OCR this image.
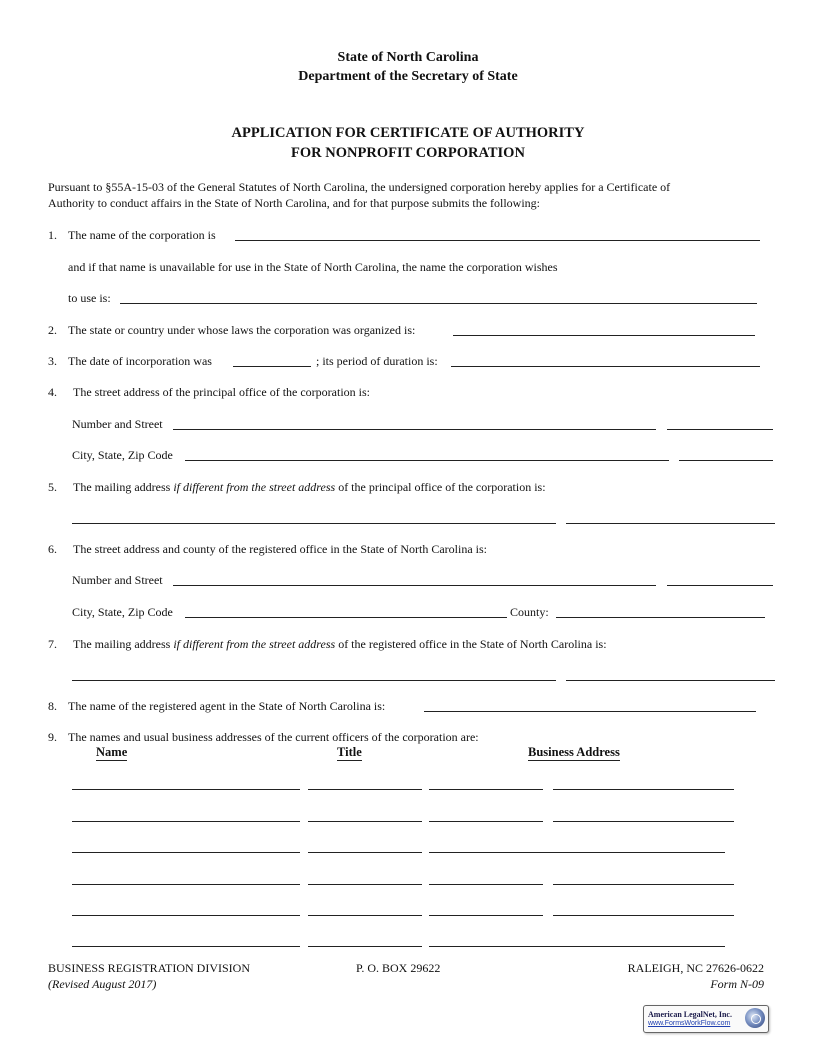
State of North Carolina
Department of the Secretary of State
APPLICATION FOR CERTIFICATE OF AUTHORITY
FOR NONPROFIT CORPORATION
Pursuant to §55A-15-03 of the General Statutes of North Carolina, the undersigned corporation hereby applies for a Certificate of
Authority to conduct affairs in the State of North Carolina, and for that purpose submits the following:
1. The name of the corporation is
and if that name is unavailable for use in the State of North Carolina, the name the corporation wishes
to use is:
2. The state or country under whose laws the corporation was organized is:
3. The date of incorporation was	; its period of duration is:
4. The street address of the principal office of the corporation is:
Number and Street
City, State, Zip Code
5. The mailing address if different from the street address of the principal office of the corporation is:
6. The street address and county of the registered office in the State of North Carolina is:
Number and Street
City, State, Zip Code	County:
7. The mailing address if different from the street address of the registered office in the State of North Carolina is:
8. The name of the registered agent in the State of North Carolina is:
9. The names and usual business addresses of the current officers of the corporation are:
Name	Title	Business Address
BUSINESS REGISTRATION DIVISION	P. O. BOX 29622	RALEIGH, NC 27626-0622
(Revised August 2017)	Form N-09
American LegalNet, Inc.
www.FormsWorkFlow.com
